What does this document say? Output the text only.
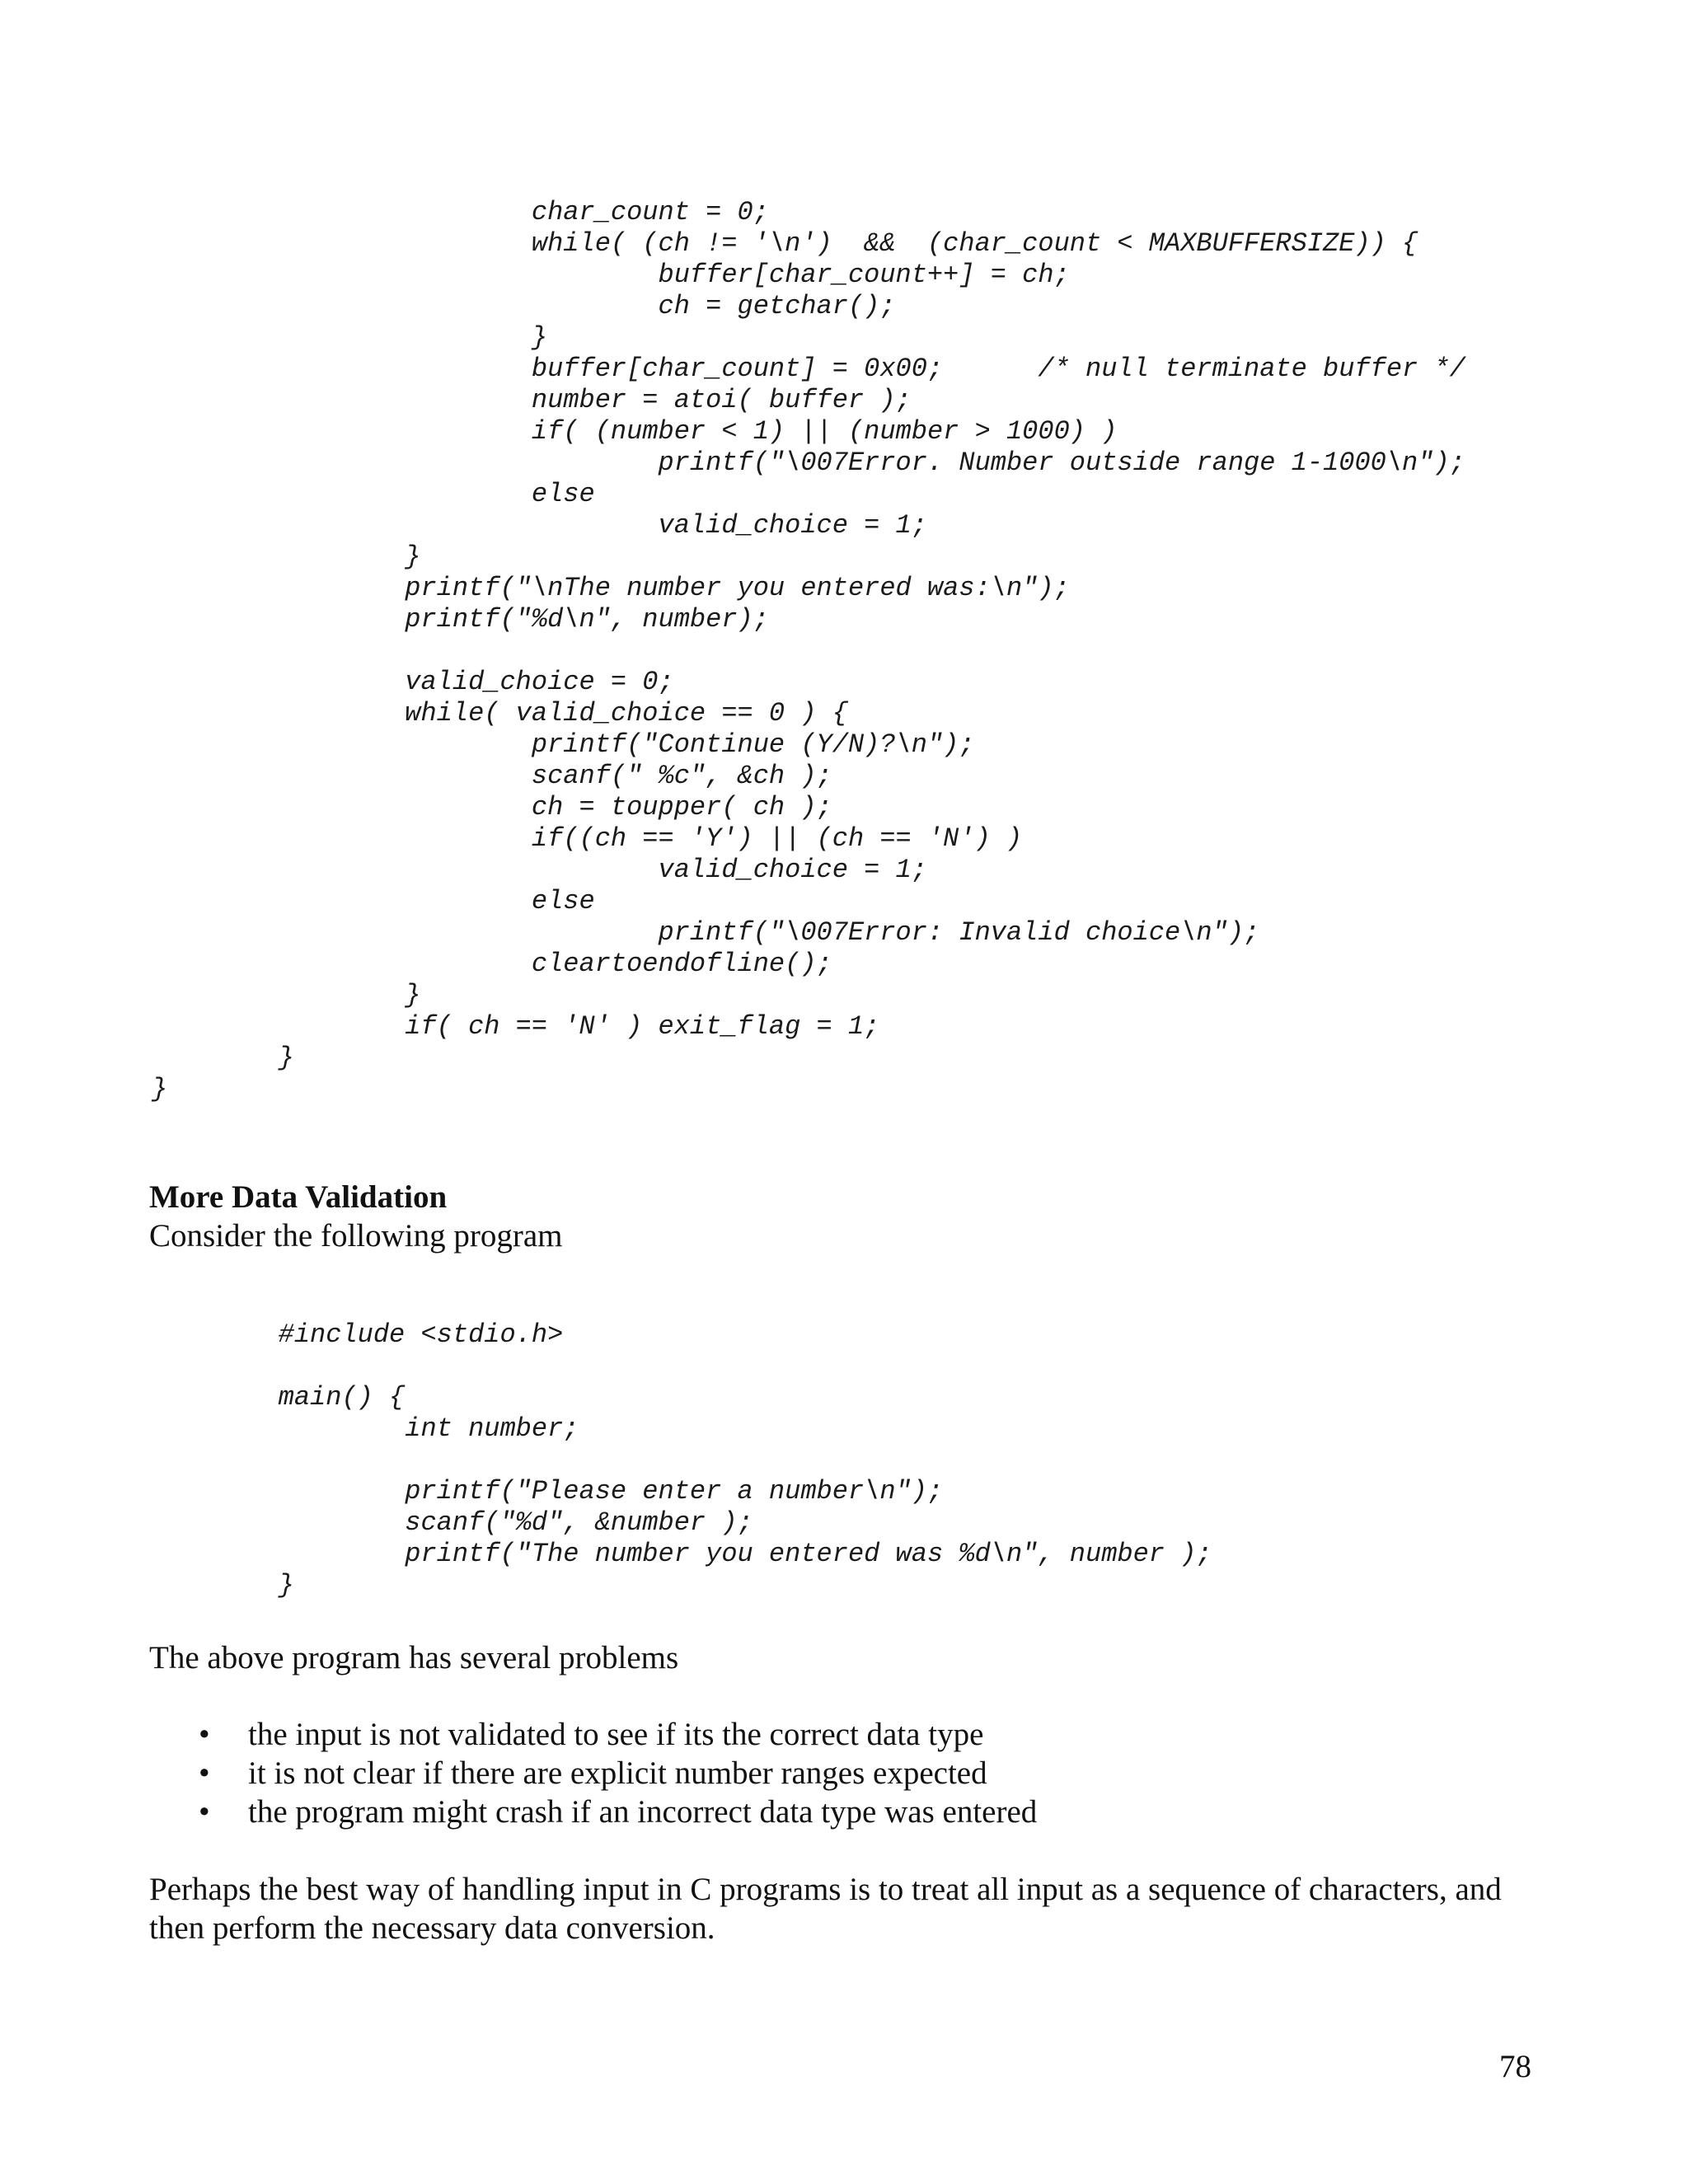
char_count = 0;
while( (ch != '\n')  &&  (char_count < MAXBUFFERSIZE)) {
buffer[char_count++] = ch;
ch = getchar();
}
buffer[char_count] = 0x00;      /* null terminate buffer */
number = atoi( buffer );
if( (number < 1) || (number > 1000) )
printf("\007Error. Number outside range 1-1000\n");
else
valid_choice = 1;
}
printf("\nThe number you entered was:\n");
printf("%d\n", number);

valid_choice = 0;
while( valid_choice == 0 ) {
printf("Continue (Y/N)?\n");
scanf(" %c", &ch );
ch = toupper( ch );
if((ch == 'Y') || (ch == 'N') )
valid_choice = 1;
else
printf("\007Error: Invalid choice\n");
cleartoendofline();
}
if( ch == 'N' ) exit_flag = 1;
}
}
More Data Validation

Consider the following program

#include <stdio.h>

main() {
int number;

printf("Please enter a number\n");
scanf("%d", &number );
printf("The number you entered was %d\n", number );
}

The above program has several problems

• the input is not validated to see if its the correct data type
• it is not clear if there are explicit number ranges expected
• the program might crash if an incorrect data type was entered

Perhaps the best way of handling input in C programs is to treat all input as a sequence of characters, and then perform the necessary data conversion.

78
